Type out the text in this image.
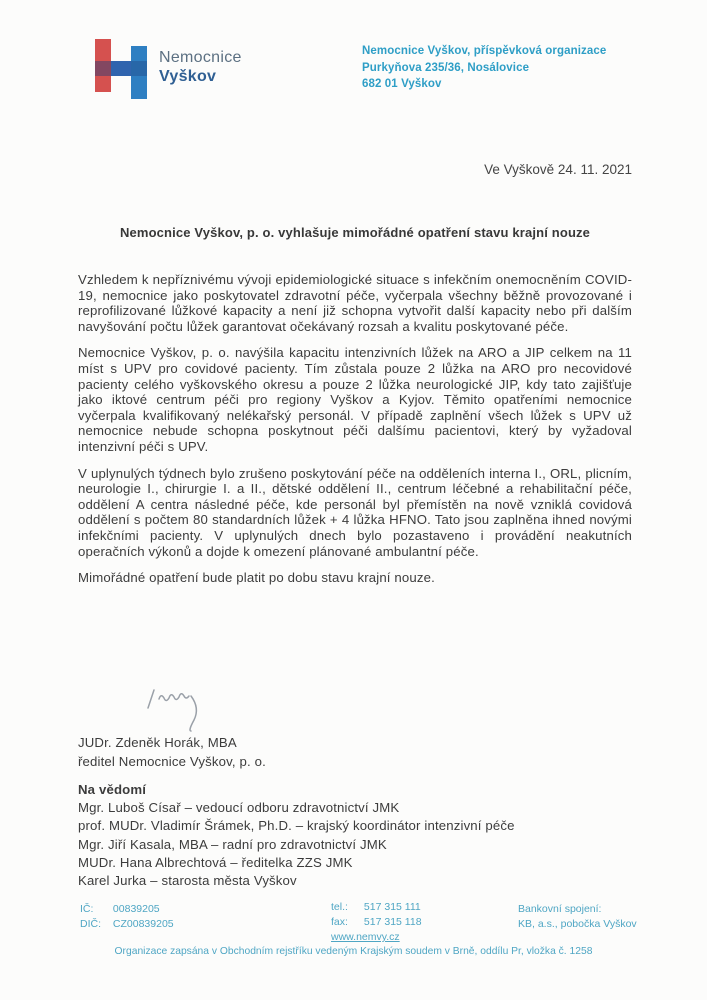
Nemocnice
Vyškov
Nemocnice Vyškov, příspěvková organizace
Purkyňova 235/36, Nosálovice
682 01 Vyškov
Ve Vyškově 24. 11. 2021
Nemocnice Vyškov, p. o. vyhlašuje mimořádné opatření stavu krajní nouze

Vzhledem k nepříznivému vývoji epidemiologické situace s infekčním onemocněním COVID-19, nemocnice jako poskytovatel zdravotní péče, vyčerpala všechny běžně provozované i reprofilizované lůžkové kapacity a není již schopna vytvořit další kapacity nebo při dalším navyšování počtu lůžek garantovat očekávaný rozsah a kvalitu poskytované péče.

Nemocnice Vyškov, p. o. navýšila kapacitu intenzivních lůžek na ARO a JIP celkem na 11 míst s UPV pro covidové pacienty. Tím zůstala pouze 2 lůžka na ARO pro necovidové pacienty celého vyškovského okresu a pouze 2 lůžka neurologické JIP, kdy tato zajišťuje jako iktové centrum péči pro regiony Vyškov a Kyjov. Těmito opatřeními nemocnice vyčerpala kvalifikovaný nelékařský personál. V případě zaplnění všech lůžek s UPV už nemocnice nebude schopna poskytnout péči dalšímu pacientovi, který by vyžadoval intenzivní péči s UPV.

V uplynulých týdnech bylo zrušeno poskytování péče na odděleních interna I., ORL, plicním, neurologie I., chirurgie I. a II., dětské oddělení II., centrum léčebné a rehabilitační péče, oddělení A centra následné péče, kde personál byl přemístěn na nově vzniklá covidová oddělení s počtem 80 standardních lůžek + 4 lůžka HFNO. Tato jsou zaplněna ihned novými infekčními pacienty. V uplynulých dnech bylo pozastaveno i provádění neakutních operačních výkonů a dojde k omezení plánované ambulantní péče.

Mimořádné opatření bude platit po dobu stavu krajní nouze.

JUDr. Zdeněk Horák, MBA
ředitel Nemocnice Vyškov, p. o.
Na vědomí
Mgr. Luboš Císař – vedoucí odboru zdravotnictví JMK
prof. MUDr. Vladimír Šrámek, Ph.D. – krajský koordinátor intenzivní péče
Mgr. Jiří Kasala, MBA – radní pro zdravotnictví JMK
MUDr. Hana Albrechtová – ředitelka ZZS JMK
Karel Jurka – starosta města Vyškov
IČ: 00839205
DIČ: CZ00839205
tel.: 517 315 111
fax: 517 315 118
www.nemvy.cz
Bankovní spojení:
KB, a.s., pobočka Vyškov
Organizace zapsána v Obchodním rejstříku vedeným Krajským soudem v Brně, oddílu Pr, vložka č. 1258
